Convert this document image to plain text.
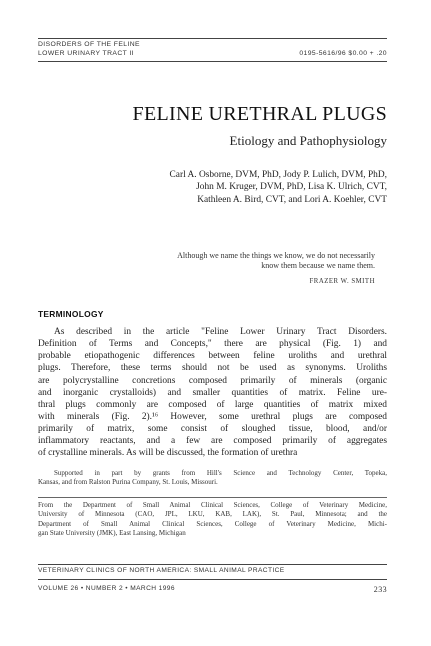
DISORDERS OF THE FELINE
LOWER URINARY TRACT II	0195-5616/96 $0.00 + .20
FELINE URETHRAL PLUGS
Etiology and Pathophysiology
Carl A. Osborne, DVM, PhD, Jody P. Lulich, DVM, PhD,
John M. Kruger, DVM, PhD, Lisa K. Ulrich, CVT,
Kathleen A. Bird, CVT, and Lori A. Koehler, CVT
Although we name the things we know, we do not necessarily
know them because we name them.
FRAZER W. SMITH
TERMINOLOGY
As described in the article "Feline Lower Urinary Tract Disorders.
Definition of Terms and Concepts," there are physical (Fig. 1) and
probable etiopathogenic differences between feline uroliths and urethral
plugs. Therefore, these terms should not be used as synonyms. Uroliths
are polycrystalline concretions composed primarily of minerals (organic
and inorganic crystalloids) and smaller quantities of matrix. Feline ure-
thral plugs commonly are composed of large quantities of matrix mixed
with minerals (Fig. 2).¹⁶ However, some urethral plugs are composed
primarily of matrix, some consist of sloughed tissue, blood, and/or
inflammatory reactants, and a few are composed primarily of aggregates
of crystalline minerals. As will be discussed, the formation of urethra
Supported in part by grants from Hill's Science and Technology Center, Topeka,
Kansas, and from Ralston Purina Company, St. Louis, Missouri.
From the Department of Small Animal Clinical Sciences, College of Veterinary Medicine,
University of Minnesota (CAO, JPL, LKU, KAB, LAK), St. Paul, Minnesota; and the
Department of Small Animal Clinical Sciences, College of Veterinary Medicine, Michi-
gan State University (JMK), East Lansing, Michigan
VETERINARY CLINICS OF NORTH AMERICA: SMALL ANIMAL PRACTICE
VOLUME 26 • NUMBER 2 • MARCH 1996	233
